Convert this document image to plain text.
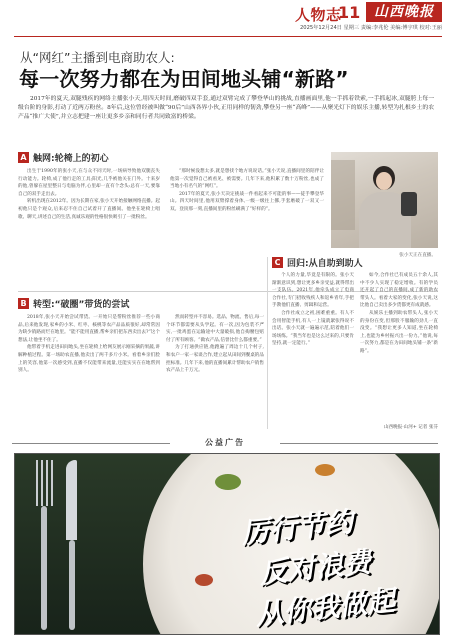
人物志
11 山西晚报
2025年12月24日 星期三 责编:李兆伦 美编:傅宇琪 校对:王丽
从“网红”主播到电商助农人:
每一次努力都在为田间地头铺“新路”
2017年的夏天,双腿残疾的网络主播张小天,用四天时间,磨破四双手套,通过双臂完成了攀登华山的挑战,直播画面里,他一手抓着铁索,一手抓起冰,双腿胯上每一级台阶的身影,打动了近两万粉丝。8年后,这位曾经被叫做“90后”山西各界小伙,正用同样的韧劲,攀登另一座“高峰”——从聚光灯下的娱乐主播,转型为扎根乡土的农产品“推广大使”,并立志把建一座让更多乡亲和同行者共同致富的桥梁。
A 触网:轮椅上的初心

出生于1990年的张小天,在与众不同天时,一场病导致他双腿丧失行动能力。轮椅,成了他行走的工具;阳光,几乎被他关在门外。十来岁的他,曾躲在屋里整日与电脑为伴,心里却一直有个念头:总有一天,要靠自己的双手走出去。

转机出现在2012年。因为长期在家,张小天开始接触网络直播。起初他只是个观众,后来忍不住自己试着开了直播间。他坐在轮椅上唱歌、聊天,讲述自己的生活,真诚乐观的性格很快吸引了一批粉丝。

“那时候没想太多,就是想找个地方说说话。”张小天说,直播间里的陪伴让他第一次觉得自己被看见、被需要。几年下来,他积累了数十万粉丝,也成了当地小有名气的“网红”。

2017年的夏天,张小天决定挑战一件看起来不可能的事——徒手攀登华山。四天时间里,他用双臂撑着身体,一级一级往上挪,手套磨破了一双又一双。登顶那一刻,直播间里的粉丝刷满了“好样的”。

张小天正在直播。
B 转型:“破圈”带货的尝试

2018年,张小天开始尝试带货。一开始只是帮粉丝推荐一些小商品,后来他发现,家乡的小米、红枣、核桃等农产品品质很好,却常常因为缺少销路而烂在地里。“能不能用直播,帮乡亲们把东西卖出去?”这个想法,让他坐不住了。

他带着手机走进田间地头,坐在轮椅上给网友展示刚采摘的果蔬,讲解种植过程。第一场助农直播,他卖出了两千多斤小米。看着乡亲们脸上的笑容,他第一次感受到,直播不仅能带来流量,还能实实在在地帮到别人。

然而转型并不容易。选品、物流、售后,每一个环节都需要从头学起。有一次,因为包装不严实,一批鸡蛋在运输途中大量破损,他自掏腰包赔付了所有顾客。“做农产品,信誉比什么都重要。”

为了打通供应链,他跑遍了周边十几个村子,和农户一家一家谈合作,建立起从田间到餐桌的品控标准。几年下来,他的直播间累计帮助农户销售农产品上千万元。

C 回归:从自助到助人

个人的力量,毕竟是有限的。张小天渐渐意识到,想让更多乡亲受益,就得带出一支队伍。2021年,他牵头成立了电商合作社,专门招收残疾人和返乡青年,手把手教他们直播、剪辑和运营。

合作社成立之初,困难重重。有人不会用智能手机,有人一上镜就紧张得说不出话。张小天就一遍遍示范,陪着他们一场场练。“我当年也是这么过来的,只要肯坚持,就一定能行。”

如今,合作社已有成员五十余人,其中不少人实现了稳定增收。有的学员还开起了自己的直播间,成了新的助农带头人。看着大家的变化,张小天说,这比他自己卖出多少货都更有成就感。

从娱乐主播到助农带头人,张小天的身份在变,但那股不服输的劲儿一直没变。“我想让更多人知道,坐在轮椅上,也能为乡村振兴出一份力。”他说,每一次努力,都是在为田间地头铺一条“新路”。

山西晚报·山河+ 记者 张芬
公益广告
厉行节约
反对浪费
从你我做起
